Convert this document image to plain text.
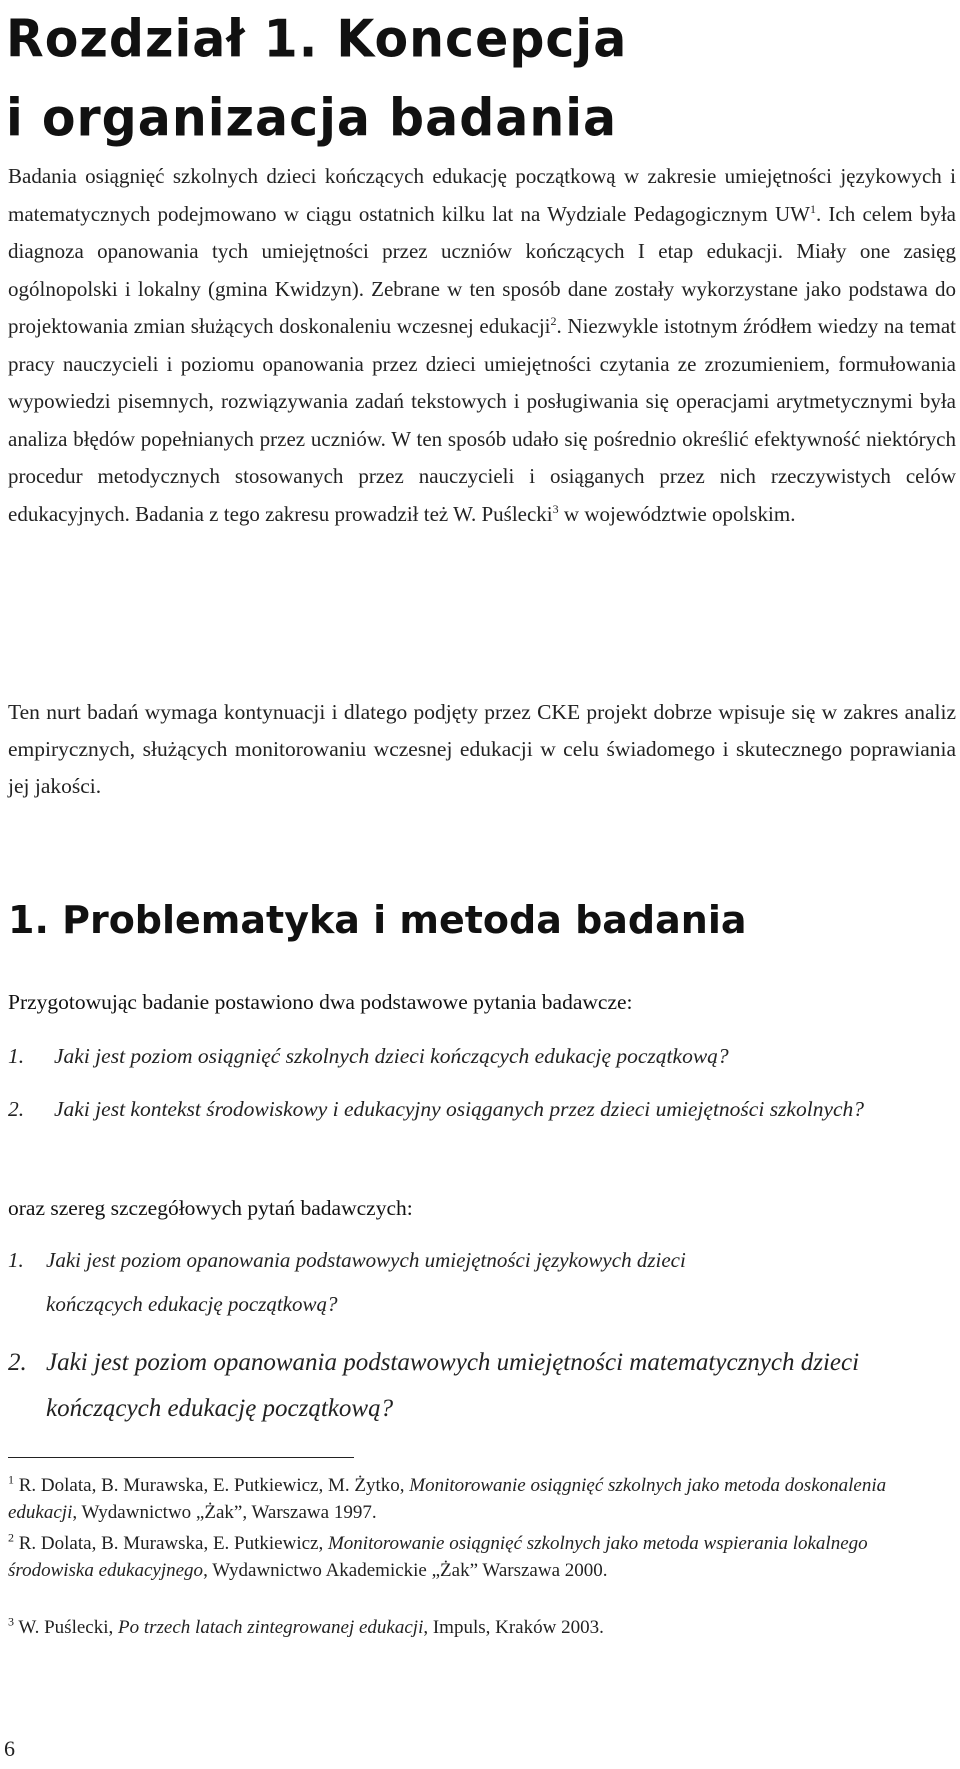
Rozdział 1. Koncepcja
i organizacja badania

Badania osiągnięć szkolnych dzieci kończących edukację początkową w zakresie umiejętności językowych i matematycznych podejmowano w ciągu ostatnich kilku lat na Wydziale Pedagogicznym $UW^1$. Ich celem była diagnoza opanowania tych umiejętności przez uczniów kończących I etap edukacji. Miały one zasięg ogólnopolski i lokalny (gmina Kwidzyn). Zebrane w ten sposób dane zostały wykorzystane jako podstawa do projektowania zmian służących doskonaleniu wczesnej edukacji$^2$. Niezwykle istotnym źródłem wiedzy na temat pracy nauczycieli i poziomu opanowania przez dzieci umiejętności czytania ze zrozumieniem, formułowania wypowiedzi pisemnych, rozwiązywania zadań tekstowych i posługiwania się operacjami arytmetycznymi była analiza błędów popełnianych przez uczniów. W ten sposób udało się pośrednio określić efektywność niektórych procedur metodycznych stosowanych przez nauczycieli i osiąganych przez nich rzeczywistych celów edukacyjnych. Badania z tego zakresu prowadził też W. Puślecki$^3$ w województwie opolskim.

Ten nurt badań wymaga kontynuacji i dlatego podjęty przez CKE projekt dobrze wpisuje się w zakres analiz empirycznych, służących monitorowaniu wczesnej edukacji w celu świadomego i skutecznego poprawiania jej jakości.

1. Problematyka i metoda badania
Przygotowując badanie postawiono dwa podstawowe pytania badawcze:
1.	Jaki jest poziom osiągnięć szkolnych dzieci kończących edukację początkową?
2.	Jaki jest kontekst środowiskowy i edukacyjny osiąganych przez dzieci umiejętności szkolnych?
oraz szereg szczegółowych pytań badawczych:
1.	Jaki jest poziom opanowania podstawowych umiejętności językowych dzieci kończących edukację początkową?
2. Jaki jest poziom opanowania podstawowych umiejętności matematycznych dzieci kończących edukację początkową?
$^1$ R. Dolata, B. Murawska, E. Putkiewicz, M. Żytko, Monitorowanie osiągnięć szkolnych jako metoda doskonalenia edukacji, Wydawnictwo „Żak”, Warszawa 1997.
$^2$ R. Dolata, B. Murawska, E. Putkiewicz, Monitorowanie osiągnięć szkolnych jako metoda wspierania lokalnego środowiska edukacyjnego, Wydawnictwo Akademickie „Żak” Warszawa 2000.
$^3$ W. Puślecki, Po trzech latach zintegrowanej edukacji, Impuls, Kraków 2003.
6
